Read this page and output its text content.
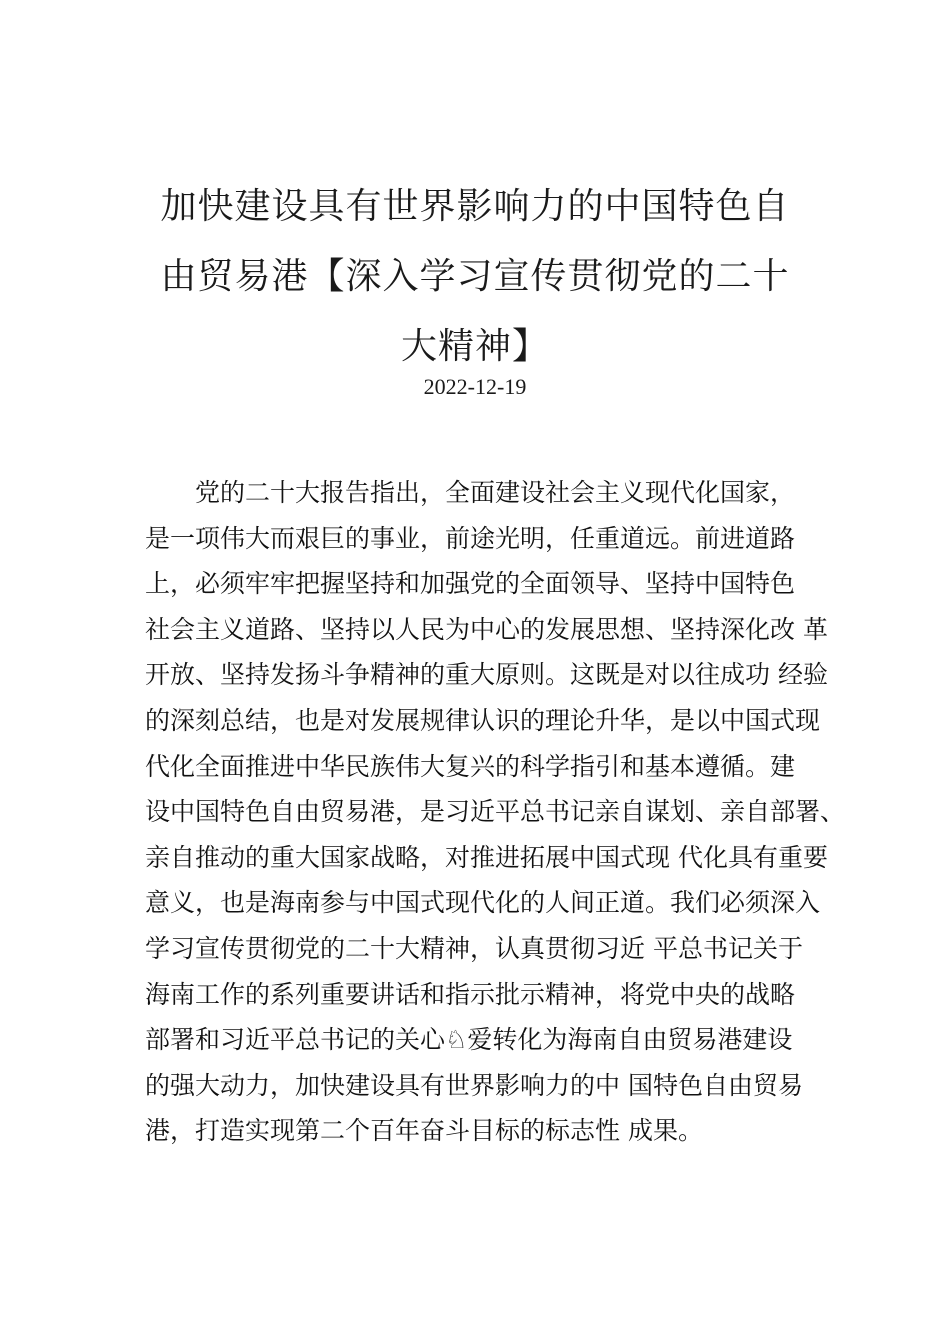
加快建设具有世界影响力的中国特色自
由贸易港【深入学习宣传贯彻党的二十
大精神】
2022-12-19
　　党的二十大报告指出，全面建设社会主义现代化国家，
是一项伟大而艰巨的事业，前途光明，任重道远。前进道路
上，必须牢牢把握坚持和加强党的全面领导、坚持中国特色
社会主义道路、坚持以人民为中心的发展思想、坚持深化改 革
开放、坚持发扬斗争精神的重大原则。这既是对以往成功 经验
的深刻总结，也是对发展规律认识的理论升华，是以中国式现
代化全面推进中华民族伟大复兴的科学指引和基本遵循。建
设中国特色自由贸易港，是习近平总书记亲自谋划、亲自部署、
亲自推动的重大国家战略，对推进拓展中国式现 代化具有重要
意义，也是海南参与中国式现代化的人间正道。我们必须深入
学习宣传贯彻党的二十大精神，认真贯彻习近 平总书记关于
海南工作的系列重要讲话和指示批示精神，将党中央的战略
部署和习近平总书记的关心♘爱转化为海南自由贸易港建设
的强大动力，加快建设具有世界影响力的中 国特色自由贸易
港，打造实现第二个百年奋斗目标的标志性 成果。
